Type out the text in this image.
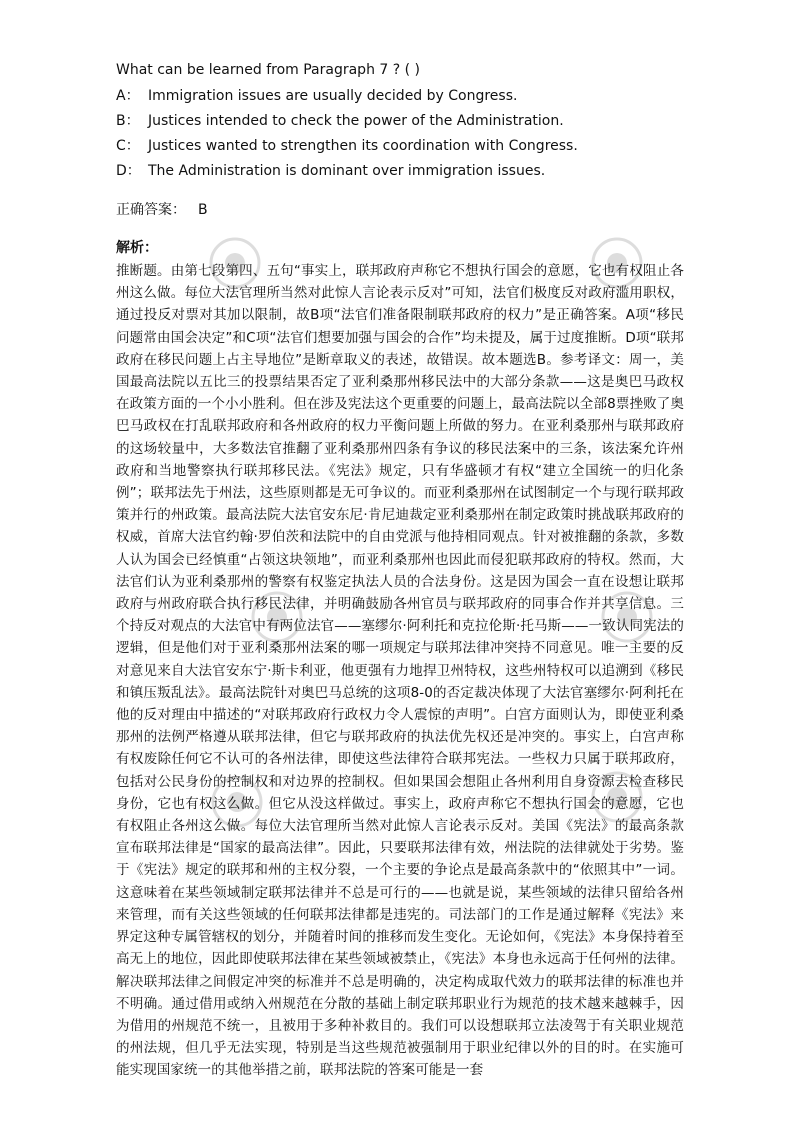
What can be learned from Paragraph 7 ? ( )
A： Immigration issues are usually decided by Congress.
B： Justices intended to check the power of the Administration.
C： Justices wanted to strengthen its coordination with Congress.
D： The Administration is dominant over immigration issues.
正确答案： B
解析：
推断题。由第七段第四、五句“事实上，联邦政府声称它不想执行国会的意愿，它也有权阻止各州这么做。每位大法官理所当然对此惊人言论表示反对”可知，法官们极度反对政府滥用职权，通过投反对票对其加以限制，故B项“法官们准备限制联邦政府的权力”是正确答案。A项“移民问题常由国会决定”和C项“法官们想要加强与国会的合作”均未提及，属于过度推断。D项“联邦政府在移民问题上占主导地位”是断章取义的表述，故错误。故本题选B。参考译文：周一，美国最高法院以五比三的投票结果否定了亚利桑那州移民法中的大部分条款——这是奥巴马政权在政策方面的一个小小胜利。但在涉及宪法这个更重要的问题上，最高法院以全部8票挫败了奥巴马政权在打乱联邦政府和各州政府的权力平衡问题上所做的努力。在亚利桑那州与联邦政府的这场较量中，大多数法官推翻了亚利桑那州四条有争议的移民法案中的三条，该法案允许州政府和当地警察执行联邦移民法。《宪法》规定，只有华盛顿才有权“建立全国统一的归化条例”；联邦法先于州法，这些原则都是无可争议的。而亚利桑那州在试图制定一个与现行联邦政策并行的州政策。最高法院大法官安东尼·肯尼迪裁定亚利桑那州在制定政策时挑战联邦政府的权威，首席大法官约翰·罗伯茨和法院中的自由党派与他持相同观点。针对被推翻的条款，多数人认为国会已经慎重“占领这块领地”，而亚利桑那州也因此而侵犯联邦政府的特权。然而，大法官们认为亚利桑那州的警察有权鉴定执法人员的合法身份。这是因为国会一直在设想让联邦政府与州政府联合执行移民法律，并明确鼓励各州官员与联邦政府的同事合作并共享信息。三个持反对观点的大法官中有两位法官——塞缪尔·阿利托和克拉伦斯·托马斯——一致认同宪法的逻辑，但是他们对于亚利桑那州法案的哪一项规定与联邦法律冲突持不同意见。唯一主要的反对意见来自大法官安东宁·斯卡利亚，他更强有力地捍卫州特权，这些州特权可以追溯到《移民和镇压叛乱法》。最高法院针对奥巴马总统的这项8-0的否定裁决体现了大法官塞缪尔·阿利托在他的反对理由中描述的“对联邦政府行政权力令人震惊的声明”。白宫方面则认为，即使亚利桑那州的法例严格遵从联邦法律，但它与联邦政府的执法优先权还是冲突的。事实上，白宫声称有权废除任何它不认可的各州法律，即使这些法律符合联邦宪法。一些权力只属于联邦政府，包括对公民身份的控制权和对边界的控制权。但如果国会想阻止各州利用自身资源去检查移民身份，它也有权这么做。但它从没这样做过。事实上，政府声称它不想执行国会的意愿，它也有权阻止各州这么做。每位大法官理所当然对此惊人言论表示反对。美国《宪法》的最高条款宣布联邦法律是“国家的最高法律”。因此，只要联邦法律有效，州法院的法律就处于劣势。鉴于《宪法》规定的联邦和州的主权分裂，一个主要的争论点是最高条款中的“依照其中”一词。这意味着在某些领域制定联邦法律并不总是可行的——也就是说，某些领域的法律只留给各州来管理，而有关这些领域的任何联邦法律都是违宪的。司法部门的工作是通过解释《宪法》来界定这种专属管辖权的划分，并随着时间的推移而发生变化。无论如何，《宪法》本身保持着至高无上的地位，因此即使联邦法律在某些领域被禁止，《宪法》本身也永远高于任何州的法律。解决联邦法律之间假定冲突的标准并不总是明确的，决定构成取代效力的联邦法律的标准也并不明确。通过借用或纳入州规范在分散的基础上制定联邦职业行为规范的技术越来越棘手，因为借用的州规范不统一，且被用于多种补救目的。我们可以设想联邦立法凌驾于有关职业规范的州法规，但几乎无法实现，特别是当这些规范被强制用于职业纪律以外的目的时。在实施可能实现国家统一的其他举措之前，联邦法院的答案可能是一套
